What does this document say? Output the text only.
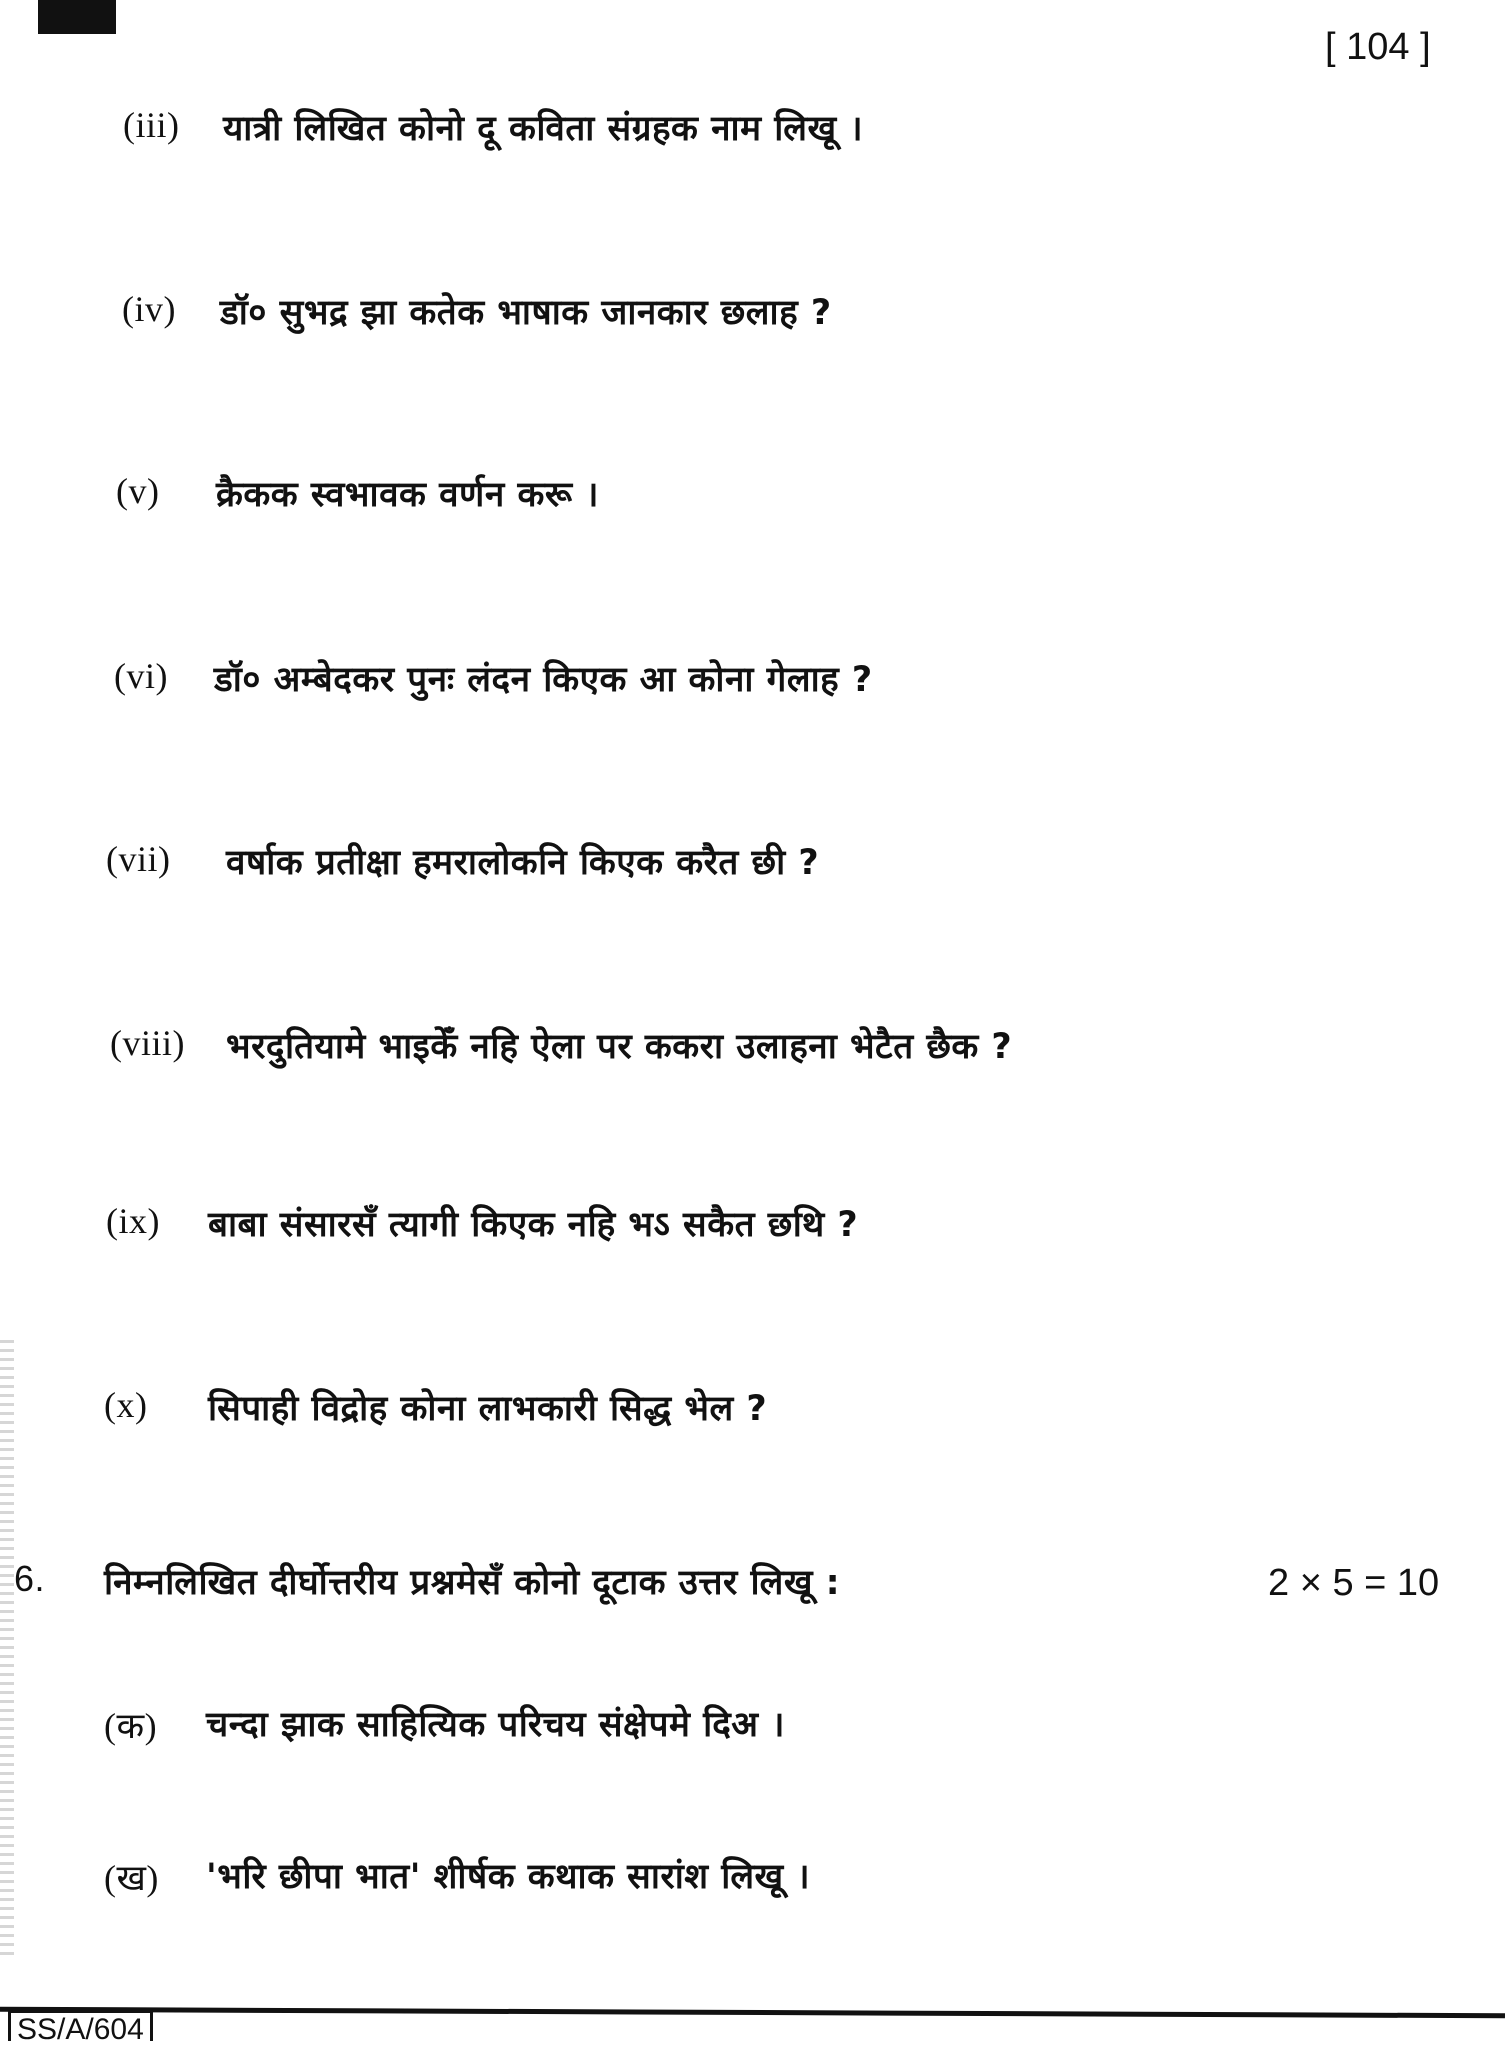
[ 104 ]
(iii) यात्री लिखित कोनो दू कविता संग्रहक नाम लिखू ।
(iv) डॉ० सुभद्र झा कतेक भाषाक जानकार छलाह ?
(v) क्रैकक स्वभावक वर्णन करू ।
(vi) डॉ० अम्बेदकर पुनः लंदन किएक आ कोना गेलाह ?
(vii) वर्षाक प्रतीक्षा हमरालोकनि किएक करैत छी ?
(viii) भरदुतियामे भाइकेँ नहि ऐला पर ककरा उलाहना भेटैत छैक ?
(ix) बाबा संसारसँ त्यागी किएक नहि भऽ सकैत छथि ?
(x) सिपाही विद्रोह कोना लाभकारी सिद्ध भेल ?
6. निम्नलिखित दीर्घोत्तरीय प्रश्नमेसँ कोनो दूटाक उत्तर लिखू :	2 × 5 = 10
(क) चन्दा झाक साहित्यिक परिचय संक्षेपमे दिअ ।
(ख) 'भरि छीपा भात' शीर्षक कथाक सारांश लिखू ।
SS/A/604
